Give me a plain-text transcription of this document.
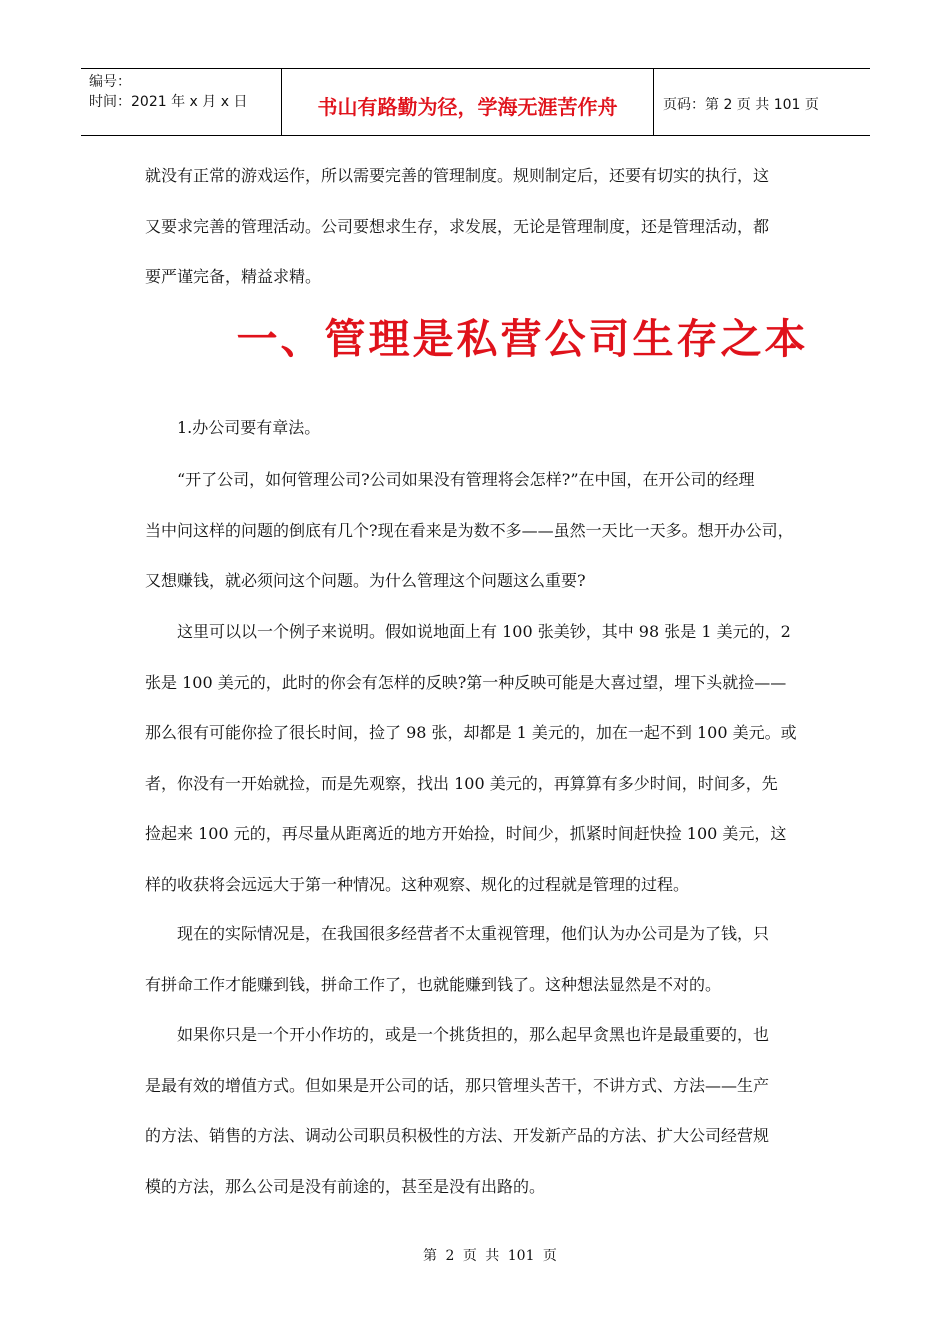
编号：
时间：2021 年 x 月 x 日	书山有路勤为径，学海无涯苦作舟	页码：第 2 页 共 101 页
就没有正常的游戏运作，所以需要完善的管理制度。规则制定后，还要有切实的执行，这
又要求完善的管理活动。公司要想求生存，求发展，无论是管理制度，还是管理活动，都
要严谨完备，精益求精。
一、管理是私营公司生存之本
　　1.办公司要有章法。
　　“开了公司，如何管理公司?公司如果没有管理将会怎样?”在中国，在开公司的经理
当中问这样的问题的倒底有几个?现在看来是为数不多——虽然一天比一天多。想开办公司，
又想赚钱，就必须问这个问题。为什么管理这个问题这么重要?
　　这里可以以一个例子来说明。假如说地面上有 100 张美钞，其中 98 张是 1 美元的，2
张是 100 美元的，此时的你会有怎样的反映?第一种反映可能是大喜过望，埋下头就捡——
那么很有可能你捡了很长时间，捡了 98 张，却都是 1 美元的，加在一起不到 100 美元。或
者，你没有一开始就捡，而是先观察，找出 100 美元的，再算算有多少时间，时间多，先
捡起来 100 元的，再尽量从距离近的地方开始捡，时间少，抓紧时间赶快捡 100 美元，这
样的收获将会远远大于第一种情况。这种观察、规化的过程就是管理的过程。
　　现在的实际情况是，在我国很多经营者不太重视管理，他们认为办公司是为了钱，只
有拼命工作才能赚到钱，拼命工作了，也就能赚到钱了。这种想法显然是不对的。
　　如果你只是一个开小作坊的，或是一个挑货担的，那么起早贪黑也许是最重要的，也
是最有效的增值方式。但如果是开公司的话，那只管埋头苦干，不讲方式、方法——生产
的方法、销售的方法、调动公司职员积极性的方法、开发新产品的方法、扩大公司经营规
模的方法，那么公司是没有前途的，甚至是没有出路的。
第 2 页 共 101 页
